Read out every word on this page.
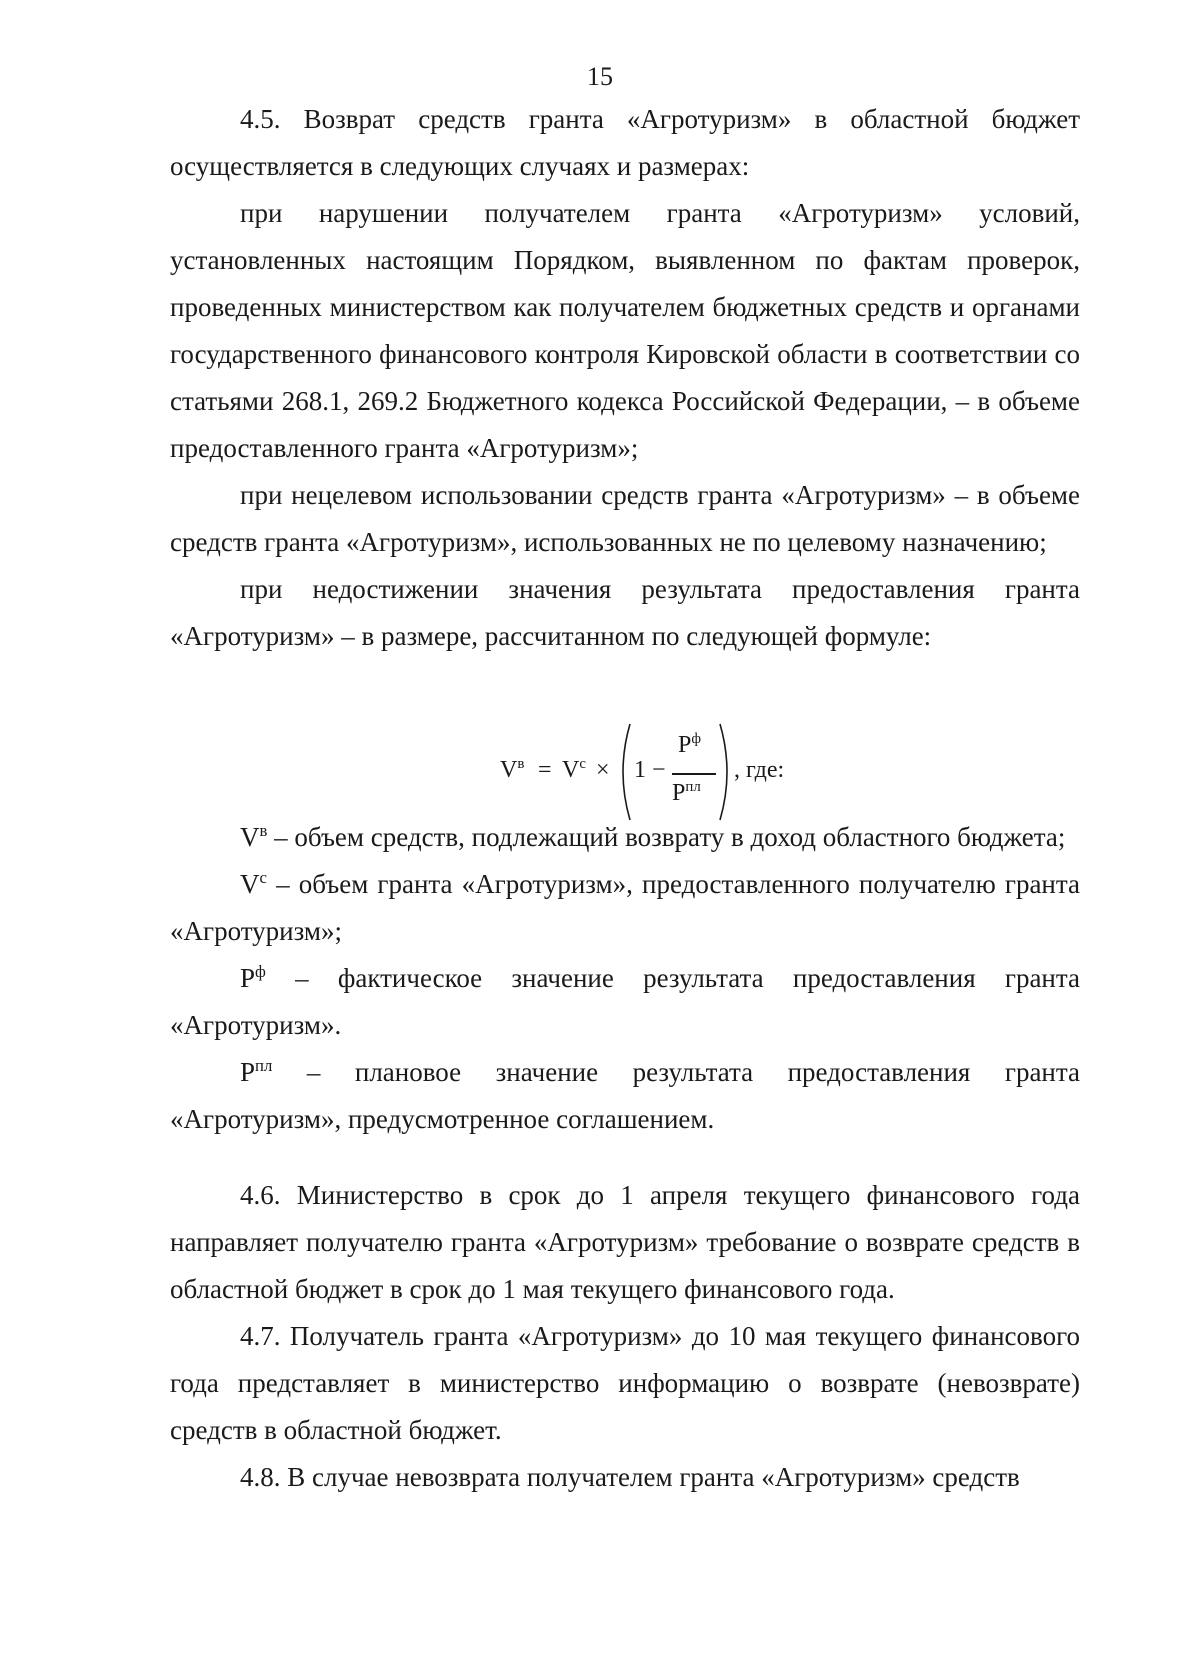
15

4.5. Возврат средств гранта «Агротуризм» в областной бюджет осуществляется в следующих случаях и размерах:

при нарушении получателем гранта «Агротуризм» условий, установленных настоящим Порядком, выявленном по фактам проверок, проведенных министерством как получателем бюджетных средств и органами государственного финансового контроля Кировской области в соответствии со статьями 268.1, 269.2 Бюджетного кодекса Российской Федерации, – в объеме предоставленного гранта «Агротуризм»;

при нецелевом использовании средств гранта «Агротуризм» – в объеме средств гранта «Агротуризм», использованных не по целевому назначению;

при недостижении значения результата предоставления гранта «Агротуризм» – в размере, рассчитанном по следующей формуле:

$V^в = V^с \times 1$ −
$P^ф$
$P^{пл}$
, где:

$V^в$ – объем средств, подлежащий возврату в доход областного бюджета;

$V^с$ – объем гранта «Агротуризм», предоставленного получателю гранта «Агротуризм»;

$P^ф$ – фактическое значение результата предоставления гранта «Агротуризм».

$P^{пл}$ – плановое значение результата предоставления гранта «Агротуризм», предусмотренное соглашением.

4.6. Министерство в срок до 1 апреля текущего финансового года направляет получателю гранта «Агротуризм» требование о возврате средств в областной бюджет в срок до 1 мая текущего финансового года.

4.7. Получатель гранта «Агротуризм» до 10 мая текущего финансового года представляет в министерство информацию о возврате (невозврате) средств в областной бюджет.

4.8. В случае невозврата получателем гранта «Агротуризм» средств
